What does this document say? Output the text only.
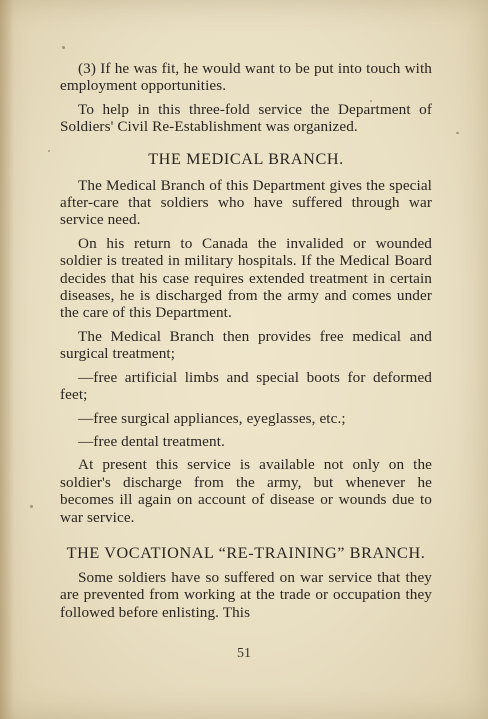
(3) If he was fit, he would want to be put into touch with employment opportunities.

To help in this three-fold service the Department of Soldiers' Civil Re-Establishment was organized.

THE MEDICAL BRANCH.

The Medical Branch of this Department gives the special after-care that soldiers who have suffered through war service need.

On his return to Canada the invalided or wounded soldier is treated in military hospitals. If the Medical Board decides that his case requires extended treatment in certain diseases, he is discharged from the army and comes under the care of this Department.

The Medical Branch then provides free medical and surgical treatment;

—free artificial limbs and special boots for deformed feet;

—free surgical appliances, eyeglasses, etc.;

—free dental treatment.

At present this service is available not only on the soldier's discharge from the army, but whenever he becomes ill again on account of disease or wounds due to war service.

THE VOCATIONAL “RE-TRAINING” BRANCH.

Some soldiers have so suffered on war service that they are prevented from working at the trade or occupation they followed before enlisting. This

51
